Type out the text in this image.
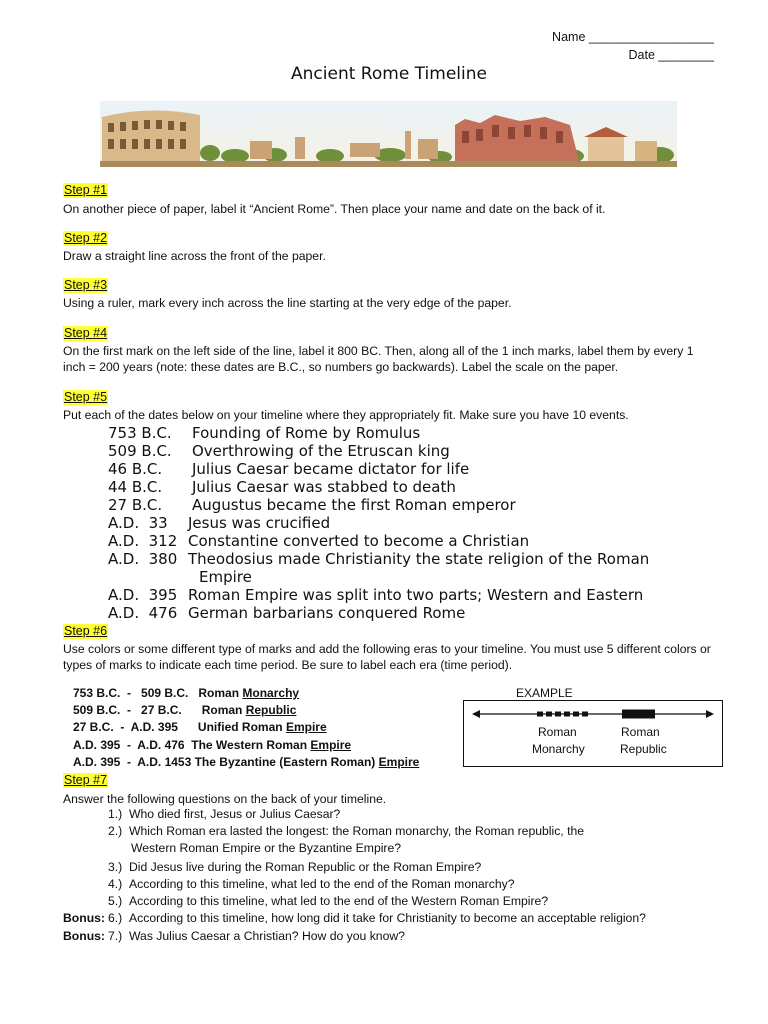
Name __________________
Date ________
Ancient Rome Timeline
Step #1
On another piece of paper, label it “Ancient Rome”. Then place your name and date on the back of it.
Step #2
Draw a straight line across the front of the paper.
Step #3
Using a ruler, mark every inch across the line starting at the very edge of the paper.
Step #4
On the first mark on the left side of the line, label it 800 BC. Then, along all of the 1 inch marks, label them by every 1 inch = 200 years (note: these dates are B.C., so numbers go backwards). Label the scale on the paper.
Step #5
Put each of the dates below on your timeline where they appropriately fit. Make sure you have 10 events.
753 B.C. Founding of Rome by Romulus
509 B.C. Overthrowing of the Etruscan king
46 B.C. Julius Caesar became dictator for life
44 B.C. Julius Caesar was stabbed to death
27 B.C. Augustus became the first Roman emperor
A.D.  33 Jesus was crucified
A.D.  312 Constantine converted to become a Christian
A.D.  380 Theodosius made Christianity the state religion of the Roman
Empire
A.D.  395 Roman Empire was split into two parts; Western and Eastern
A.D.  476 German barbarians conquered Rome
Step #6
Use colors or some different type of marks and add the following eras to your timeline. You must use 5 different colors or types of marks to indicate each time period. Be sure to label each era (time period).
753 B.C.  -   509 B.C.   Roman Monarchy
509 B.C.  -   27 B.C.      Roman Republic
27 B.C.  -  A.D. 395      Unified Roman Empire
A.D. 395  -  A.D. 476  The Western Roman Empire
A.D. 395  -  A.D. 1453 The Byzantine (Eastern Roman) Empire
EXAMPLE
Roman
Monarchy
Roman
Republic
Step #7
Answer the following questions on the back of your timeline.
1.) Who died first, Jesus or Julius Caesar?
2.) Which Roman era lasted the longest: the Roman monarchy, the Roman republic, the
Western Roman Empire or the Byzantine Empire?
3.) Did Jesus live during the Roman Republic or the Roman Empire?
4.) According to this timeline, what led to the end of the Roman monarchy?
5.) According to this timeline, what led to the end of the Western Roman Empire?
Bonus: 6.) According to this timeline, how long did it take for Christianity to become an acceptable religion?
Bonus: 7.) Was Julius Caesar a Christian? How do you know?
